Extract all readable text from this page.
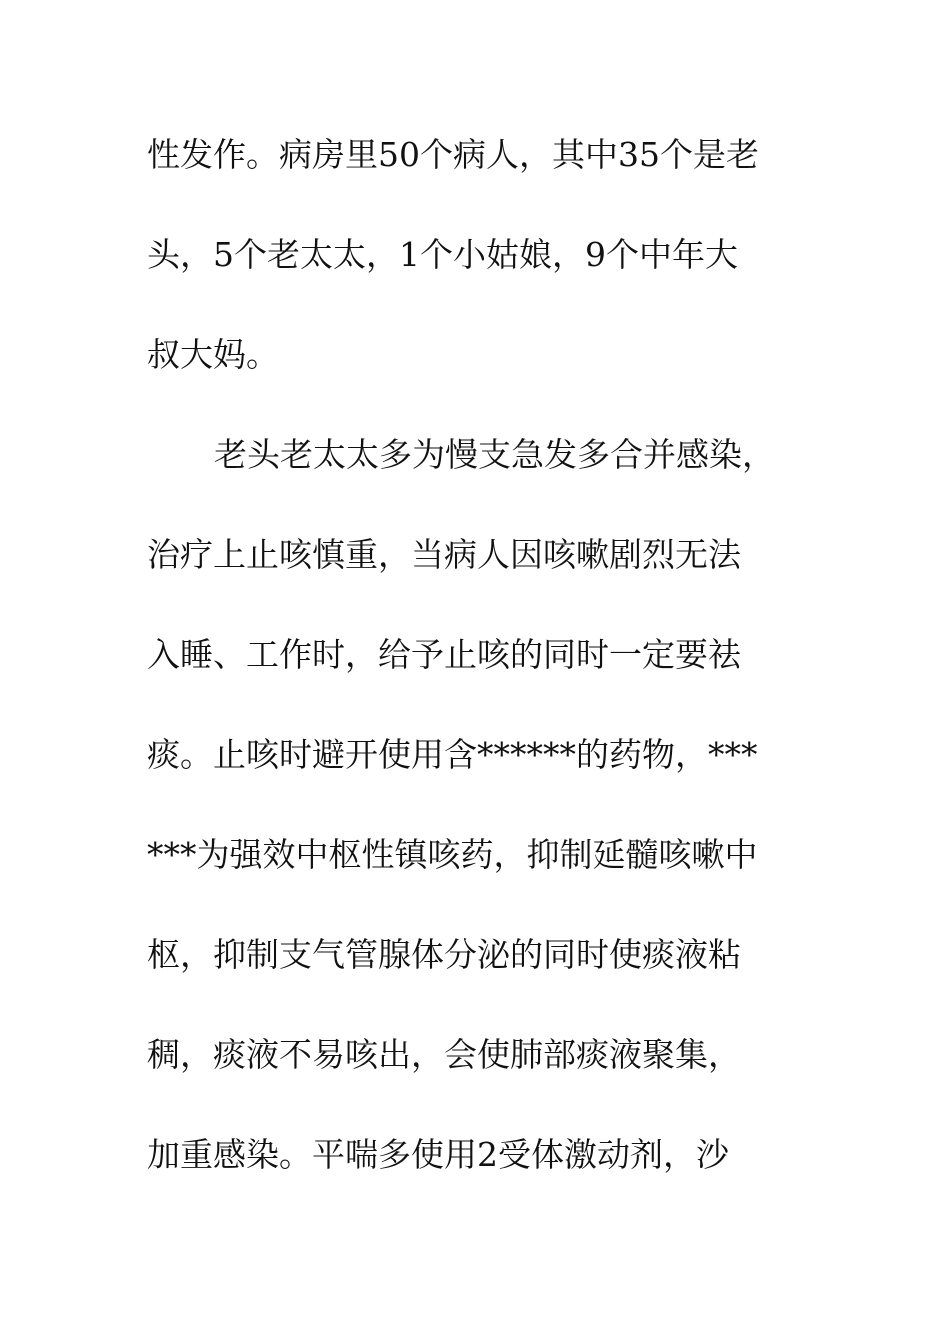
性发作。病房里50个病人，其中35个是老
头，5个老太太，1个小姑娘，9个中年大
叔大妈。
老头老太太多为慢支急发多合并感染，
治疗上止咳慎重，当病人因咳嗽剧烈无法
入睡、工作时，给予止咳的同时一定要祛
痰。止咳时避开使用含******的药物，***
***为强效中枢性镇咳药，抑制延髓咳嗽中
枢，抑制支气管腺体分泌的同时使痰液粘
稠，痰液不易咳出，会使肺部痰液聚集，
加重感染。平喘多使用2受体激动剂，沙
